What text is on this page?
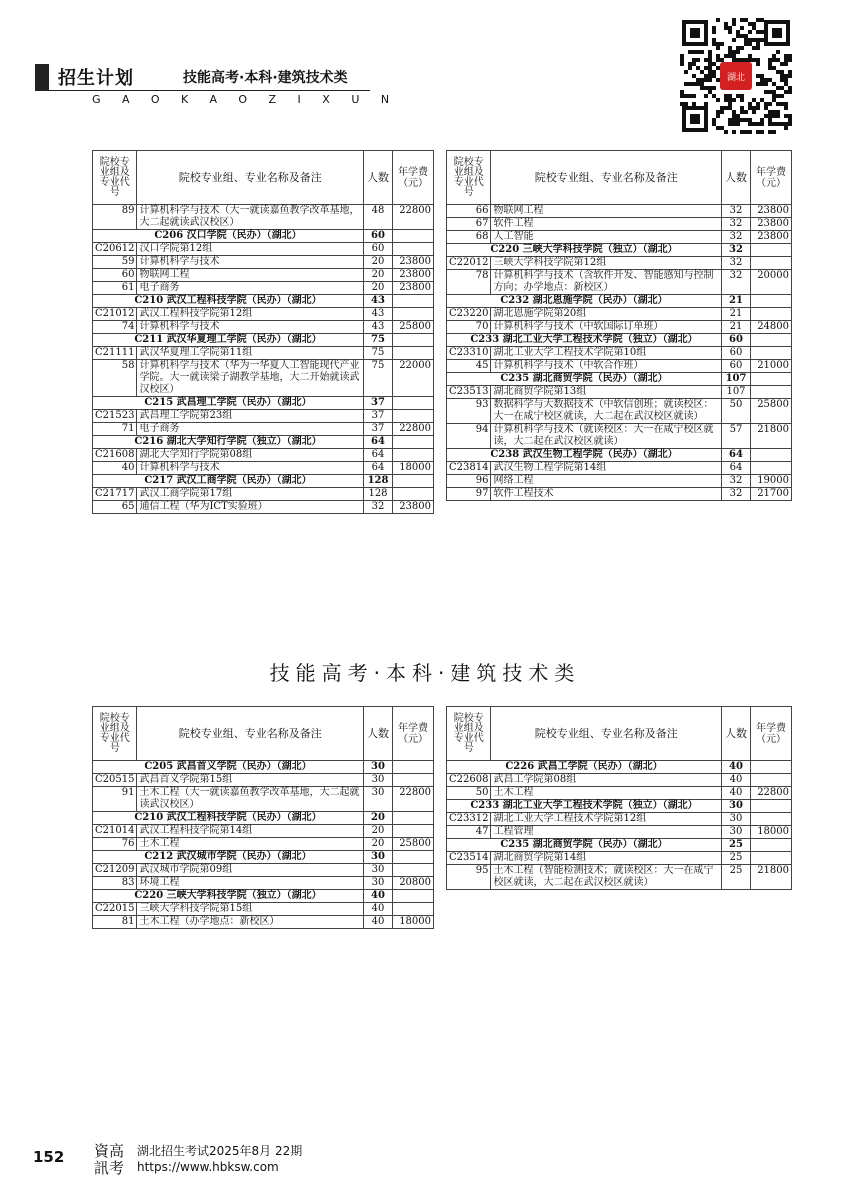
招生计划	技能高考·本科·建筑技术类
GAOKAOZIXUN
湖北
院校专业组及专业代号	院校专业组、专业名称及备注	人数	年学费（元）
89	计算机科学与技术（大一就读嘉鱼教学改革基地，大二起就读武汉校区）	48	22800
C206 汉口学院（民办）（湖北）		60	
C20612	汉口学院第12组	60	
59	计算机科学与技术	20	23800
60	物联网工程	20	23800
61	电子商务	20	23800
C210 武汉工程科技学院（民办）（湖北）		43	
C21012	武汉工程科技学院第12组	43	
74	计算机科学与技术	43	25800
C211 武汉华夏理工学院（民办）（湖北）		75	
C21111	武汉华夏理工学院第11组	75	
58	计算机科学与技术（华为一华夏人工智能现代产业学院。大一就读梁子湖教学基地，大二开始就读武汉校区）	75	22000
C215 武昌理工学院（民办）（湖北）		37	
C21523	武昌理工学院第23组	37	
71	电子商务	37	22800
C216 湖北大学知行学院（独立）（湖北）		64	
C21608	湖北大学知行学院第08组	64	
40	计算机科学与技术	64	18000
C217 武汉工商学院（民办）（湖北）		128	
C21717	武汉工商学院第17组	128	
65	通信工程（华为ICT实验班）	32	23800
院校专业组及专业代号	院校专业组、专业名称及备注	人数	年学费（元）
66	物联网工程	32	23800
67	软件工程	32	23800
68	人工智能	32	23800
C220 三峡大学科技学院（独立）（湖北）		32	
C22012	三峡大学科技学院第12组	32	
78	计算机科学与技术（含软件开发、智能感知与控制方向；办学地点：新校区）	32	20000
C232 湖北恩施学院（民办）（湖北）		21	
C23220	湖北恩施学院第20组	21	
70	计算机科学与技术（中软国际订单班）	21	24800
C233 湖北工业大学工程技术学院（独立）（湖北）		60	
C23310	湖北工业大学工程技术学院第10组	60	
45	计算机科学与技术（中软合作班）	60	21000
C235 湖北商贸学院（民办）（湖北）		107	
C23513	湖北商贸学院第13组	107	
93	数据科学与大数据技术（中软信创班；就读校区：大一在咸宁校区就读，大二起在武汉校区就读）	50	25800
94	计算机科学与技术（就读校区：大一在咸宁校区就读，大二起在武汉校区就读）	57	21800
C238 武汉生物工程学院（民办）（湖北）		64	
C23814	武汉生物工程学院第14组	64	
96	网络工程	32	19000
97	软件工程技术	32	21700
技能高考·本科·建筑技术类
院校专业组及专业代号	院校专业组、专业名称及备注	人数	年学费（元）
C205 武昌首义学院（民办）（湖北）		30	
C20515	武昌首义学院第15组	30	
91	土木工程（大一就读嘉鱼教学改革基地，大二起就读武汉校区）	30	22800
C210 武汉工程科技学院（民办）（湖北）		20	
C21014	武汉工程科技学院第14组	20	
76	土木工程	20	25800
C212 武汉城市学院（民办）（湖北）		30	
C21209	武汉城市学院第09组	30	
83	环境工程	30	20800
C220 三峡大学科技学院（独立）（湖北）		40	
C22015	三峡大学科技学院第15组	40	
81	土木工程（办学地点：新校区）	40	18000
院校专业组及专业代号	院校专业组、专业名称及备注	人数	年学费（元）
C226 武昌工学院（民办）（湖北）		40	
C22608	武昌工学院第08组	40	
50	土木工程	40	22800
C233 湖北工业大学工程技术学院（独立）（湖北）		30	
C23312	湖北工业大学工程技术学院第12组	30	
47	工程管理	30	18000
C235 湖北商贸学院（民办）（湖北）		25	
C23514	湖北商贸学院第14组	25	
95	土木工程（智能检测技术；就读校区：大一在咸宁校区就读，大二起在武汉校区就读）	25	21800
152 資高
訊考
湖北招生考试2025年8月 22期
https://www.hbksw.com
